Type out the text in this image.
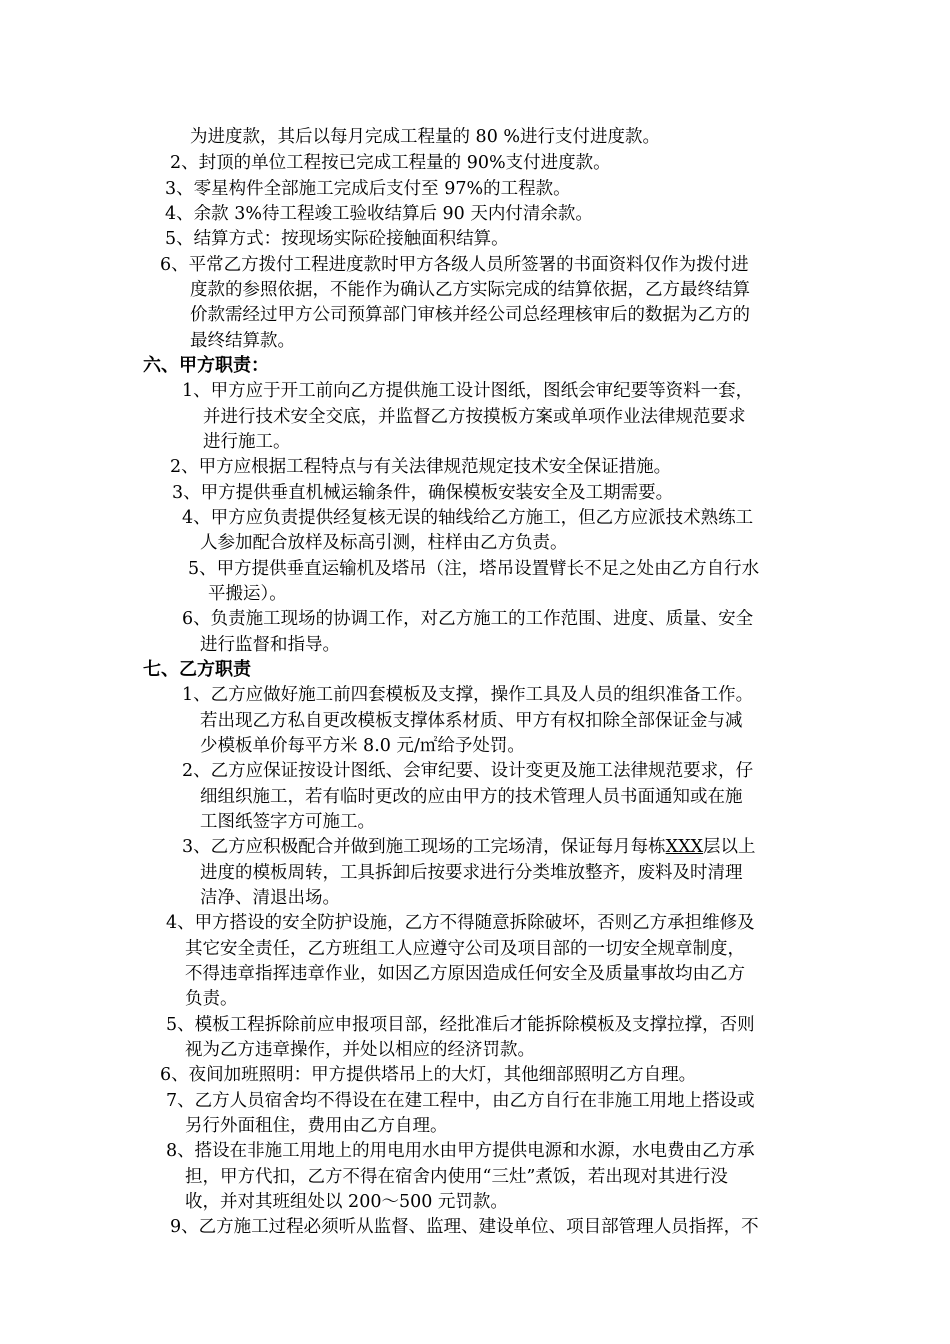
为进度款，其后以每月完成工程量的 80 %进行支付进度款。
2、封顶的单位工程按已完成工程量的 90%支付进度款。
3、零星构件全部施工完成后支付至 97%的工程款。
4、余款 3%待工程竣工验收结算后 90 天内付清余款。
5、结算方式：按现场实际砼接触面积结算。
6、平常乙方拨付工程进度款时甲方各级人员所签署的书面资料仅作为拨付进
度款的参照依据，不能作为确认乙方实际完成的结算依据，乙方最终结算
价款需经过甲方公司预算部门审核并经公司总经理核审后的数据为乙方的
最终结算款。
六、甲方职责：
1、甲方应于开工前向乙方提供施工设计图纸，图纸会审纪要等资料一套，
并进行技术安全交底，并监督乙方按摸板方案或单项作业法律规范要求
进行施工。
2、甲方应根据工程特点与有关法律规范规定技术安全保证措施。
3、甲方提供垂直机械运输条件，确保模板安装安全及工期需要。
4、甲方应负责提供经复核无误的轴线给乙方施工，但乙方应派技术熟练工
人参加配合放样及标高引测，柱样由乙方负责。
5、甲方提供垂直运输机及塔吊（注，塔吊设置臂长不足之处由乙方自行水
平搬运）。
6、负责施工现场的协调工作，对乙方施工的工作范围、进度、质量、安全
进行监督和指导。
七、乙方职责
1、乙方应做好施工前四套模板及支撑，操作工具及人员的组织准备工作。
若出现乙方私自更改模板支撑体系材质、甲方有权扣除全部保证金与减
少模板单价每平方米 8.0 元/㎡给予处罚。
2、乙方应保证按设计图纸、会审纪要、设计变更及施工法律规范要求，仔
细组织施工，若有临时更改的应由甲方的技术管理人员书面通知或在施
工图纸签字方可施工。
3、乙方应积极配合并做到施工现场的工完场清，保证每月每栋XXX层以上
进度的模板周转，工具拆卸后按要求进行分类堆放整齐，废料及时清理
洁净、清退出场。
4、甲方搭设的安全防护设施，乙方不得随意拆除破坏，否则乙方承担维修及
其它安全责任，乙方班组工人应遵守公司及项目部的一切安全规章制度，
不得违章指挥违章作业，如因乙方原因造成任何安全及质量事故均由乙方
负责。
5、模板工程拆除前应申报项目部，经批准后才能拆除模板及支撑拉撑，否则
视为乙方违章操作，并处以相应的经济罚款。
6、夜间加班照明：甲方提供塔吊上的大灯，其他细部照明乙方自理。
7、乙方人员宿舍均不得设在在建工程中，由乙方自行在非施工用地上搭设或
另行外面租住，费用由乙方自理。
8、搭设在非施工用地上的用电用水由甲方提供电源和水源，水电费由乙方承
担，甲方代扣，乙方不得在宿舍内使用“三灶”煮饭，若出现对其进行没
收，并对其班组处以 200～500 元罚款。
9、乙方施工过程必须听从监督、监理、建设单位、项目部管理人员指挥，不
